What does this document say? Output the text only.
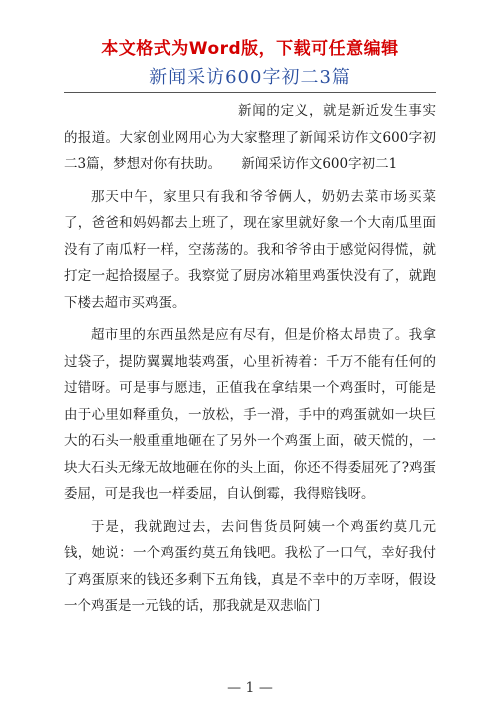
本文格式为Word版，下载可任意编辑
新闻采访600字初二3篇

新闻的定义，就是新近发生事实的报道。大家创业网用心为大家整理了新闻采访作文600字初二3篇，梦想对你有扶助。　　新闻采访作文600字初二1

那天中午，家里只有我和爷爷俩人，奶奶去菜市场买菜了，爸爸和妈妈都去上班了，现在家里就好象一个大南瓜里面没有了南瓜籽一样，空荡荡的。我和爷爷由于感觉闷得慌，就打定一起拾掇屋子。我察觉了厨房冰箱里鸡蛋快没有了，就跑下楼去超市买鸡蛋。

超市里的东西虽然是应有尽有，但是价格太昂贵了。我拿过袋子，提防翼翼地装鸡蛋，心里祈祷着：千万不能有任何的过错呀。可是事与愿违，正值我在拿结果一个鸡蛋时，可能是由于心里如释重负，一放松，手一滑，手中的鸡蛋就如一块巨大的石头一般重重地砸在了另外一个鸡蛋上面，破天慌的，一块大石头无缘无故地砸在你的头上面，你还不得委屈死了?鸡蛋委屈，可是我也一样委屈，自认倒霉，我得赔钱呀。

于是，我就跑过去，去问售货员阿姨一个鸡蛋约莫几元钱，她说：一个鸡蛋约莫五角钱吧。我松了一口气，幸好我付了鸡蛋原来的钱还多剩下五角钱，真是不幸中的万幸呀，假设一个鸡蛋是一元钱的话，那我就是双悲临门

— 1 —
